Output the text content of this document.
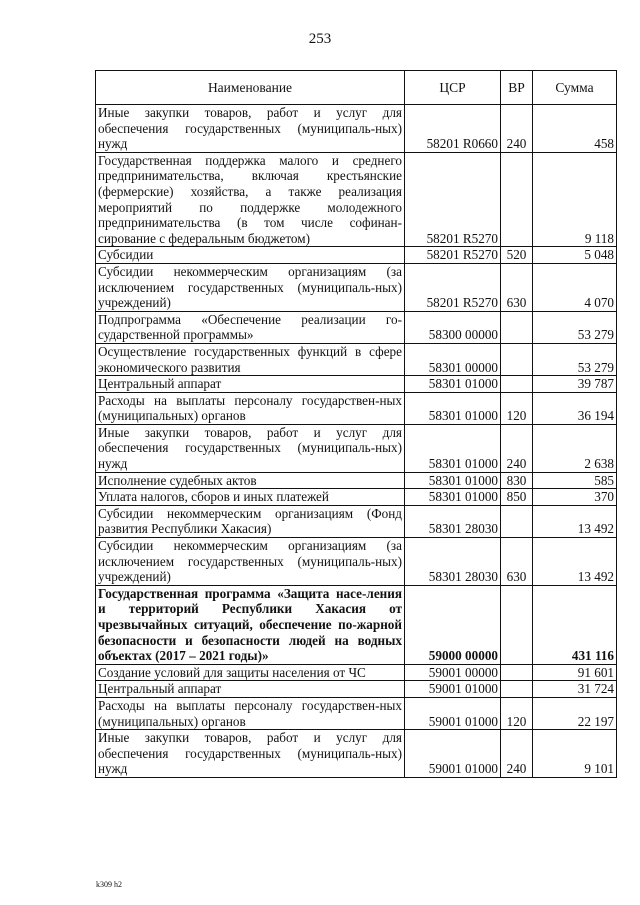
253
Наименование	ЦСР	ВР	Сумма
Иные закупки товаров, работ и услуг для обеспечения государственных (муниципаль-ных) нужд	58201 R0660	240	458
Государственная поддержка малого и среднего предпринимательства, включая крестьянские (фермерские) хозяйства, а также реализация мероприятий по поддержке молодежного предпринимательства (в том числе софинан-сирование с федеральным бюджетом)	58201 R5270		9 118
Субсидии	58201 R5270	520	5 048
Субсидии некоммерческим организациям (за исключением государственных (муниципаль-ных) учреждений)	58201 R5270	630	4 070
Подпрограмма «Обеспечение реализации го-сударственной программы»	58300 00000		53 279
Осуществление государственных функций в сфере экономического развития	58301 00000		53 279
Центральный аппарат	58301 01000		39 787
Расходы на выплаты персоналу государствен-ных (муниципальных) органов	58301 01000	120	36 194
Иные закупки товаров, работ и услуг для обеспечения государственных (муниципаль-ных) нужд	58301 01000	240	2 638
Исполнение судебных актов	58301 01000	830	585
Уплата налогов, сборов и иных платежей	58301 01000	850	370
Субсидии некоммерческим организациям (Фонд развития Республики Хакасия)	58301 28030		13 492
Субсидии некоммерческим организациям (за исключением государственных (муниципаль-ных) учреждений)	58301 28030	630	13 492
Государственная программа «Защита насе-ления и территорий Республики Хакасия от чрезвычайных ситуаций, обеспечение по-жарной безопасности и безопасности людей на водных объектах (2017 – 2021 годы)»	59000 00000		431 116
Создание условий для защиты населения от ЧС	59001 00000		91 601
Центральный аппарат	59001 01000		31 724
Расходы на выплаты персоналу государствен-ных (муниципальных) органов	59001 01000	120	22 197
Иные закупки товаров, работ и услуг для обеспечения государственных (муниципаль-ных) нужд	59001 01000	240	9 101
k309 h2
